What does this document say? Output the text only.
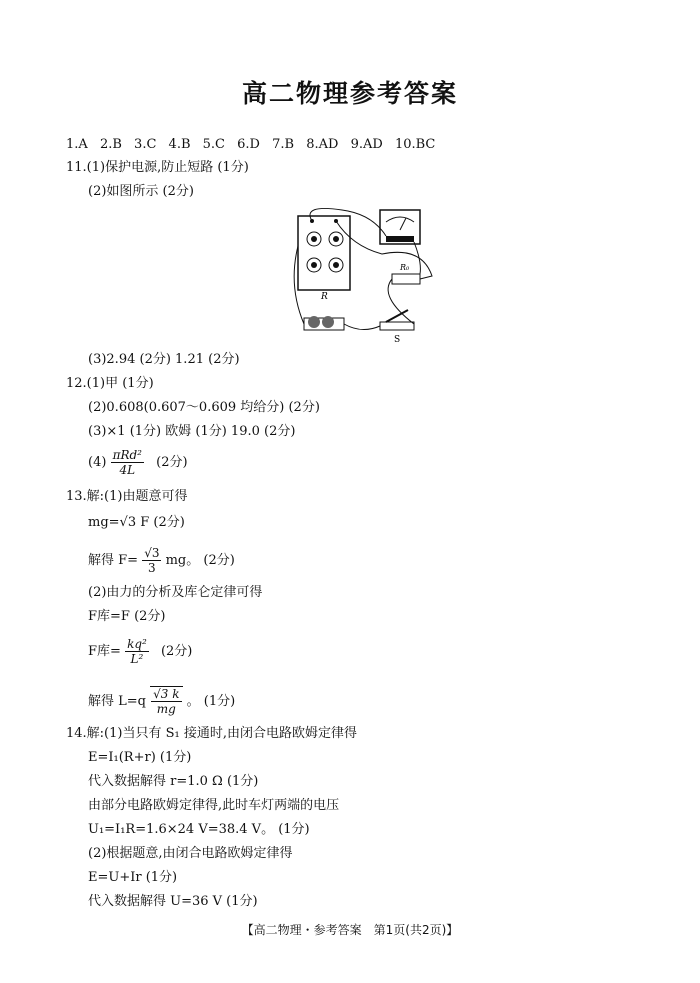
高二物理参考答案
1.A 2.B 3.C 4.B 5.C 6.D 7.B 8.AD 9.AD 10.BC
11.(1)保护电源,防止短路 (1分)
(2)如图所示 (2分)
R
R₀
S
(3)2.94 (2分) 1.21 (2分)
12.(1)甲 (1分)
(2)0.608(0.607～0.609 均给分) (2分)
(3)×1 (1分) 欧姆 (1分) 19.0 (2分)
$(4) \frac{\text{πRd²}}{4L} (2$分)
13.解:(1)由题意可得
mg=√3 F (2分)
解得 $F= \frac{√3}{3}$ mg。 (2分)
(2)由力的分析及库仑定律可得
F库=F (2分)
F库= $\frac{\text{kq²}}{\text{L²}} (2$分)
解得 $L=q \frac{√3 k}{mg}$ 。 (1分)
14.解:(1)当只有 S₁ 接通时,由闭合电路欧姆定律得
E=I₁(R+r) (1分)
代入数据解得 r=1.0 Ω (1分)
由部分电路欧姆定律得,此时车灯两端的电压
U₁=I₁R=1.6×24 V=38.4 V。 (1分)
(2)根据题意,由闭合电路欧姆定律得
E=U+Ir (1分)
代入数据解得 U=36 V (1分)
【高二物理・参考答案　第1页(共2页)】
